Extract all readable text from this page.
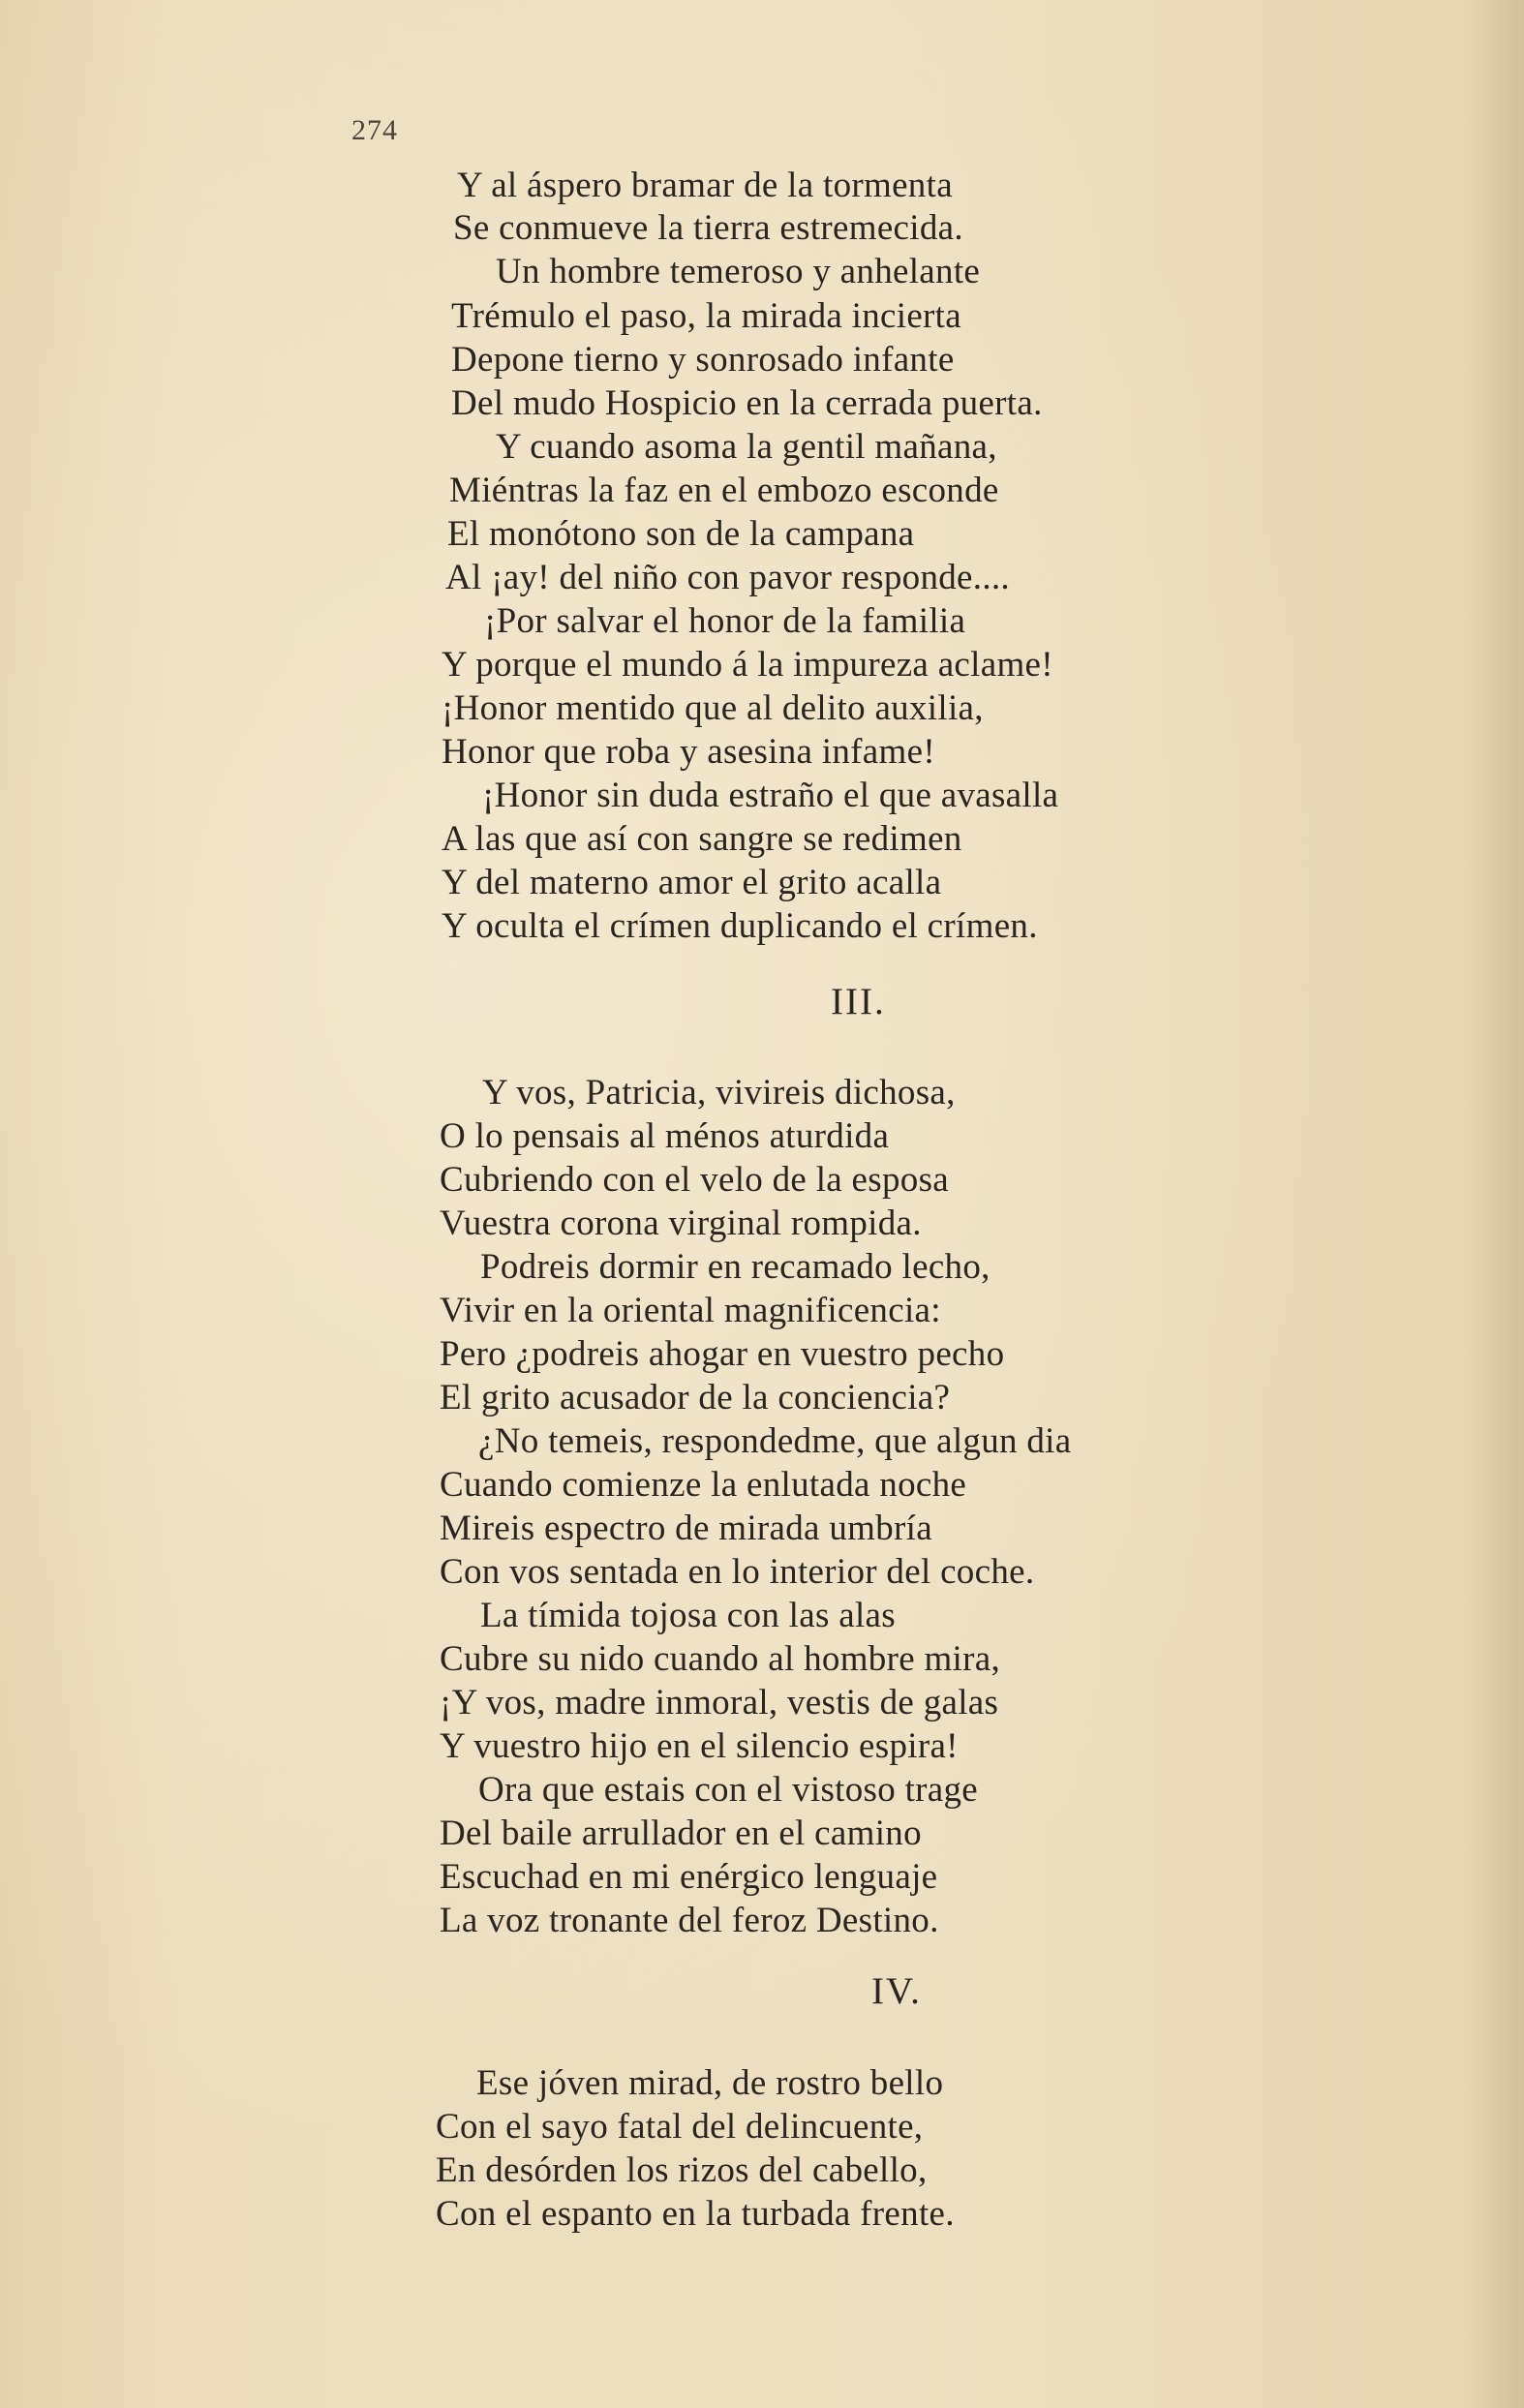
274
Y al áspero bramar de la tormenta
Se conmueve la tierra estremecida.
Un hombre temeroso y anhelante
Trémulo el paso, la mirada incierta
Depone tierno y sonrosado infante
Del mudo Hospicio en la cerrada puerta.
Y cuando asoma la gentil mañana,
Miéntras la faz en el embozo esconde
El monótono son de la campana
Al ¡ay! del niño con pavor responde....
¡Por salvar el honor de la familia
Y porque el mundo á la impureza aclame!
¡Honor mentido que al delito auxilia,
Honor que roba y asesina infame!
¡Honor sin duda estraño el que avasalla
A las que así con sangre se redimen
Y del materno amor el grito acalla
Y oculta el crímen duplicando el crímen.
III.
Y vos, Patricia, vivireis dichosa,
O lo pensais al ménos aturdida
Cubriendo con el velo de la esposa
Vuestra corona virginal rompida.
Podreis dormir en recamado lecho,
Vivir en la oriental magnificencia:
Pero ¿podreis ahogar en vuestro pecho
El grito acusador de la conciencia?
¿No temeis, respondedme, que algun dia
Cuando comienze la enlutada noche
Mireis espectro de mirada umbría
Con vos sentada en lo interior del coche.
La tímida tojosa con las alas
Cubre su nido cuando al hombre mira,
¡Y vos, madre inmoral, vestis de galas
Y vuestro hijo en el silencio espira!
Ora que estais con el vistoso trage
Del baile arrullador en el camino
Escuchad en mi enérgico lenguaje
La voz tronante del feroz Destino.
IV.
Ese jóven mirad, de rostro bello
Con el sayo fatal del delincuente,
En desórden los rizos del cabello,
Con el espanto en la turbada frente.
